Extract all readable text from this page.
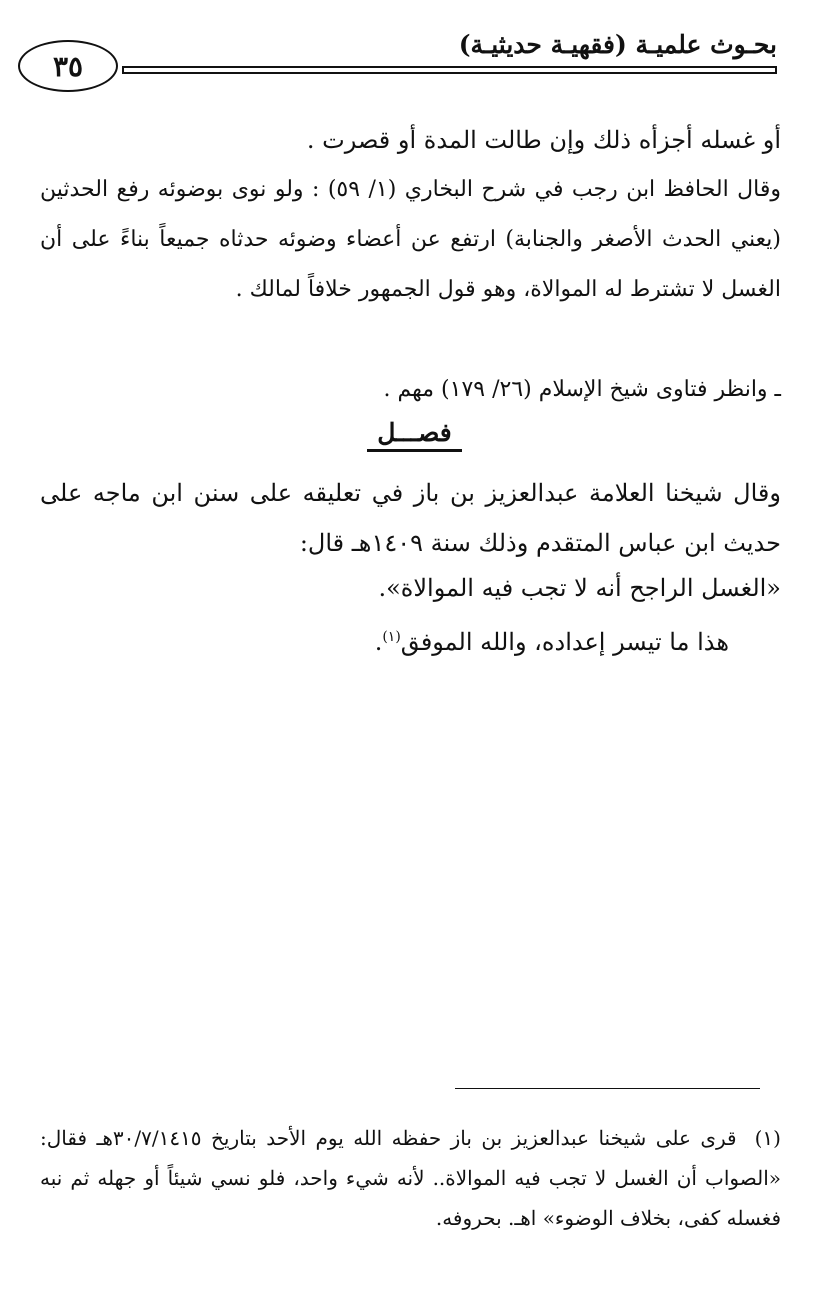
٣٥
بحـوث علميـة (فقهيـة حديثيـة)

أو غسله أجزأه ذلك وإن طالت المدة أو قصرت .

وقال الحافظ ابن رجب في شرح البخاري (١/ ٥٩) : ولو نوى بوضوئه رفع الحدثين (يعني الحدث الأصغر والجنابة) ارتفع عن أعضاء وضوئه حدثاه جميعاً بناءً على أن الغسل لا تشترط له الموالاة، وهو قول الجمهور خلافاً لمالك .

ـ وانظر فتاوى شيخ الإسلام (٢٦/ ١٧٩) مهم .

فصـــل

وقال شيخنا العلامة عبدالعزيز بن باز في تعليقه على سنن ابن ماجه على حديث ابن عباس المتقدم وذلك سنة ١٤٠٩هـ قال:

«الغسل الراجح أنه لا تجب فيه الموالاة».

هذا ما تيسر إعداده، والله الموفق$^{(١)}$.

(١)قرى على شيخنا عبدالعزيز بن باز حفظه الله يوم الأحد بتاريخ ٣٠/٧/١٤١٥هـ فقال: «الصواب أن الغسل لا تجب فيه الموالاة.. لأنه شيء واحد، فلو نسي شيئاً أو جهله ثم نبه فغسله كفى، بخلاف الوضوء» اهـ. بحروفه.
